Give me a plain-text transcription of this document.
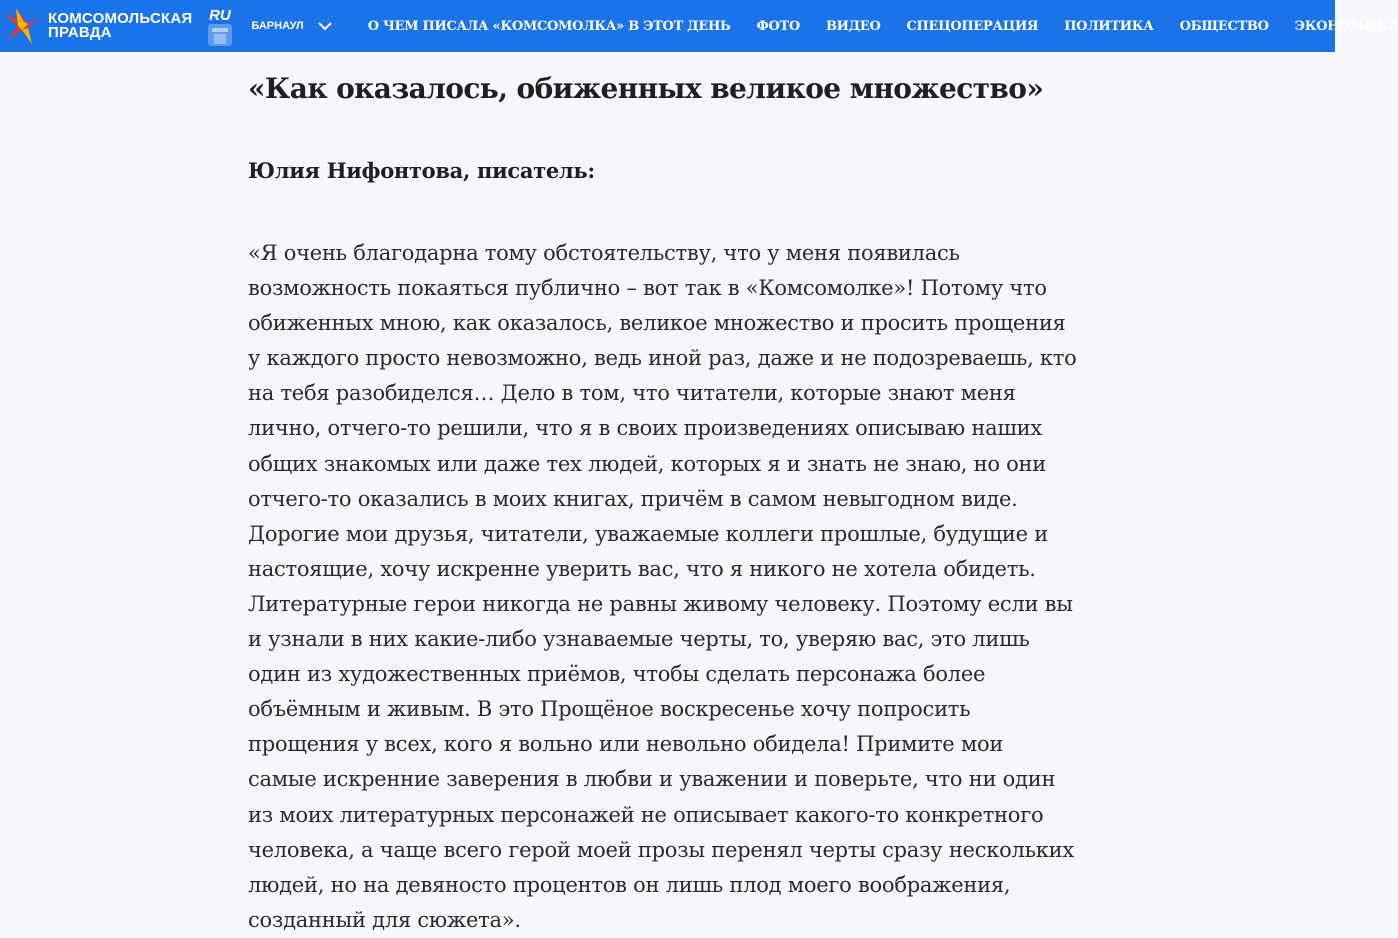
КОМСОМОЛЬСКАЯ
ПРАВДА
RU
БАРНАУЛ	О ЧЕМ ПИСАЛА «КОМСОМОЛКА» В ЭТОТ ДЕНЬ ФОТО ВИДЕО СПЕЦОПЕРАЦИЯ ПОЛИТИКА ОБЩЕСТВО ЭКОНОМИКА
«Как оказалось, обиженных великое множество»

Юлия Нифонтова, писатель:

«Я очень благодарна тому обстоятельству, что у меня появилась возможность покаяться публично – вот так в «Комсомолке»! Потому что обиженных мною, как оказалось, великое множество и просить прощения у каждого просто невозможно, ведь иной раз, даже и не подозреваешь, кто на тебя разобиделся… Дело в том, что читатели, которые знают меня лично, отчего-то решили, что я в своих произведениях описываю наших общих знакомых или даже тех людей, которых я и знать не знаю, но они отчего-то оказались в моих книгах, причём в самом невыгодном виде. Дорогие мои друзья, читатели, уважаемые коллеги прошлые, будущие и настоящие, хочу искренне уверить вас, что я никого не хотела обидеть. Литературные герои никогда не равны живому человеку. Поэтому если вы и узнали в них какие-либо узнаваемые черты, то, уверяю вас, это лишь один из художественных приёмов, чтобы сделать персонажа более объёмным и живым. В это Прощёное воскресенье хочу попросить прощения у всех, кого я вольно или невольно обидела! Примите мои самые искренние заверения в любви и уважении и поверьте, что ни один из моих литературных персонажей не описывает какого-то конкретного человека, а чаще всего герой моей прозы перенял черты сразу нескольких людей, но на девяносто процентов он лишь плод моего воображения, созданный для сюжета».
